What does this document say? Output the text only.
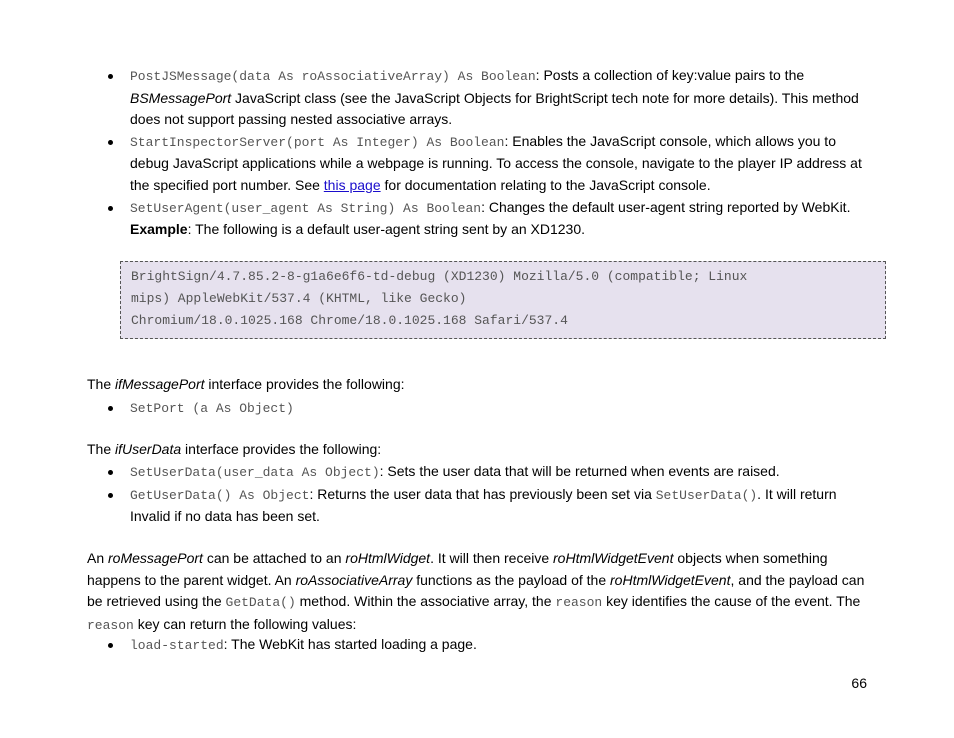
PostJSMessage(data As roAssociativeArray) As Boolean: Posts a collection of key:value pairs to the BSMessagePort JavaScript class (see the JavaScript Objects for BrightScript tech note for more details). This method does not support passing nested associative arrays.
StartInspectorServer(port As Integer) As Boolean: Enables the JavaScript console, which allows you to debug JavaScript applications while a webpage is running. To access the console, navigate to the player IP address at the specified port number. See this page for documentation relating to the JavaScript console.
SetUserAgent(user_agent As String) As Boolean: Changes the default user-agent string reported by WebKit.
Example: The following is a default user-agent string sent by an XD1230.
BrightSign/4.7.85.2-8-g1a6e6f6-td-debug (XD1230) Mozilla/5.0 (compatible; Linux
mips) AppleWebKit/537.4 (KHTML, like Gecko)
Chromium/18.0.1025.168 Chrome/18.0.1025.168 Safari/537.4
The ifMessagePort interface provides the following:
SetPort (a As Object)
The ifUserData interface provides the following:
SetUserData(user_data As Object): Sets the user data that will be returned when events are raised.
GetUserData() As Object: Returns the user data that has previously been set via SetUserData(). It will return Invalid if no data has been set.
An roMessagePort can be attached to an roHtmlWidget. It will then receive roHtmlWidgetEvent objects when something happens to the parent widget. An roAssociativeArray functions as the payload of the roHtmlWidgetEvent, and the payload can be retrieved using the GetData() method. Within the associative array, the reason key identifies the cause of the event. The reason key can return the following values:
load-started: The WebKit has started loading a page.
66
